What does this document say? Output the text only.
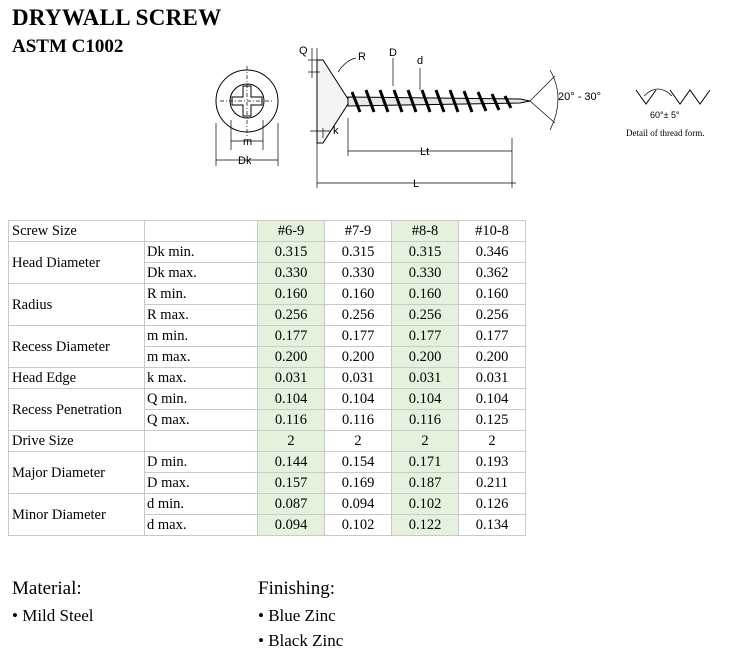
DRYWALL SCREW
ASTM C1002
m
Dk
Q	R D
d
20° - 30°
k
Lt
L
60°± 5°
Detail of thread form.
Screw Size		#6-9	#7-9	#8-8	#10-8
Head Diameter	Dk min.	0.315	0.315	0.315	0.346
	Dk max.	0.330	0.330	0.330	0.362
Radius	R min.	0.160	0.160	0.160	0.160
	R max.	0.256	0.256	0.256	0.256
Recess Diameter	m min.	0.177	0.177	0.177	0.177
	m max.	0.200	0.200	0.200	0.200
Head Edge	k max.	0.031	0.031	0.031	0.031
Recess Penetration	Q min.	0.104	0.104	0.104	0.104
	Q max.	0.116	0.116	0.116	0.125
Drive Size		2	2	2	2
Major Diameter	D min.	0.144	0.154	0.171	0.193
	D max.	0.157	0.169	0.187	0.211
Minor Diameter	d min.	0.087	0.094	0.102	0.126
	d max.	0.094	0.102	0.122	0.134
Material:
• Mild Steel
Finishing:
• Blue Zinc
• Black Zinc
